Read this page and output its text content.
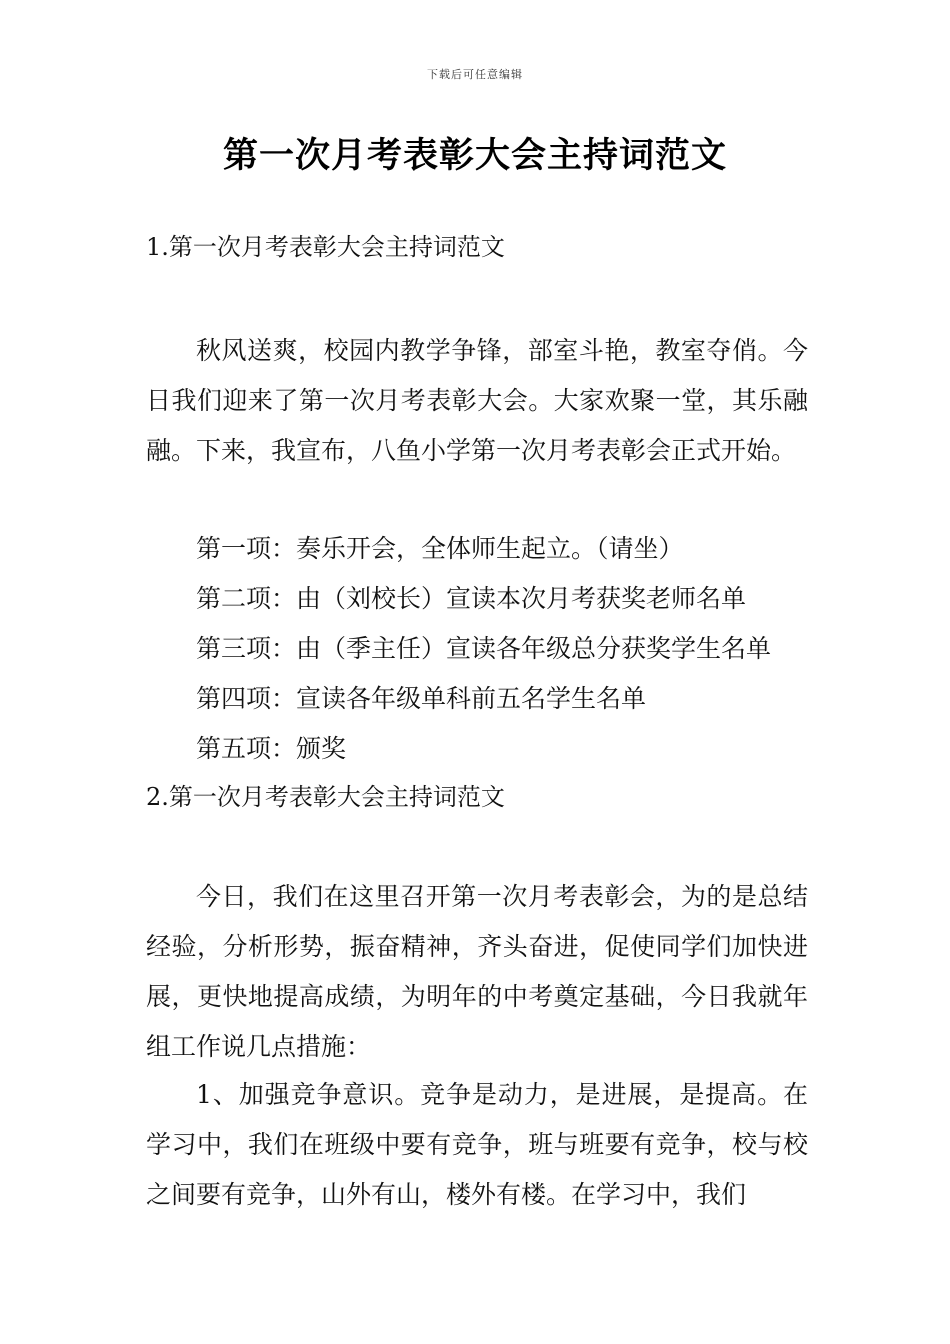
下载后可任意编辑
第一次月考表彰大会主持词范文
1.第一次月考表彰大会主持词范文

秋风送爽，校园内教学争锋，部室斗艳，教室夺俏。今日我们迎来了第一次月考表彰大会。大家欢聚一堂，其乐融融。下来，我宣布，八鱼小学第一次月考表彰会正式开始。

第一项：奏乐开会，全体师生起立。（请坐）

第二项：由（刘校长）宣读本次月考获奖老师名单

第三项：由（季主任）宣读各年级总分获奖学生名单

第四项：宣读各年级单科前五名学生名单

第五项：颁奖

2.第一次月考表彰大会主持词范文

今日，我们在这里召开第一次月考表彰会，为的是总结经验，分析形势，振奋精神，齐头奋进，促使同学们加快进展，更快地提高成绩，为明年的中考奠定基础，今日我就年组工作说几点措施：

1、加强竞争意识。竞争是动力，是进展，是提高。在学习中，我们在班级中要有竞争，班与班要有竞争，校与校之间要有竞争，山外有山，楼外有楼。在学习中，我们
